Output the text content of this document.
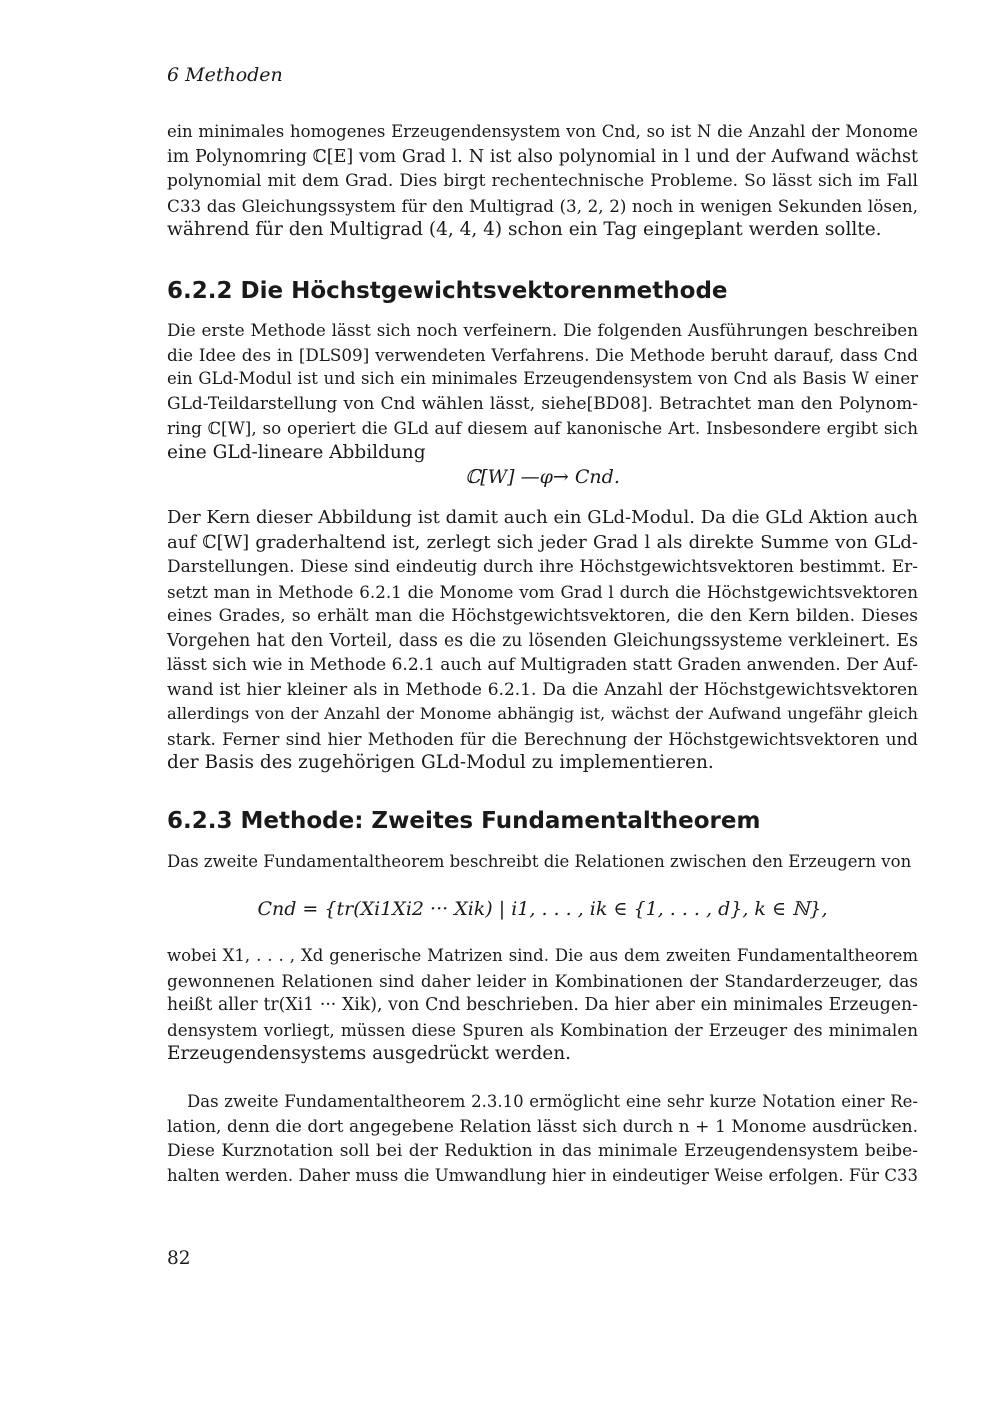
6 Methoden

ein minimales homogenes Erzeugendensystem von Cnd, so ist N die Anzahl der Monome
im Polynomring ℂ[E] vom Grad l. N ist also polynomial in l und der Aufwand wächst
polynomial mit dem Grad. Dies birgt rechentechnische Probleme. So lässt sich im Fall
C33 das Gleichungssystem für den Multigrad (3, 2, 2) noch in wenigen Sekunden lösen,
während für den Multigrad (4, 4, 4) schon ein Tag eingeplant werden sollte.

6.2.2 Die Höchstgewichtsvektorenmethode

Die erste Methode lässt sich noch verfeinern. Die folgenden Ausführungen beschreiben
die Idee des in [DLS09] verwendeten Verfahrens. Die Methode beruht darauf, dass Cnd
ein GLd-Modul ist und sich ein minimales Erzeugendensystem von Cnd als Basis W einer
GLd-Teildarstellung von Cnd wählen lässt, siehe[BD08]. Betrachtet man den Polynom-
ring ℂ[W], so operiert die GLd auf diesem auf kanonische Art. Insbesondere ergibt sich
eine GLd-lineare Abbildung

ℂ[W] —φ→ Cnd.

Der Kern dieser Abbildung ist damit auch ein GLd-Modul. Da die GLd Aktion auch
auf ℂ[W] graderhaltend ist, zerlegt sich jeder Grad l als direkte Summe von GLd-
Darstellungen. Diese sind eindeutig durch ihre Höchstgewichtsvektoren bestimmt. Er-
setzt man in Methode 6.2.1 die Monome vom Grad l durch die Höchstgewichtsvektoren
eines Grades, so erhält man die Höchstgewichtsvektoren, die den Kern bilden. Dieses
Vorgehen hat den Vorteil, dass es die zu lösenden Gleichungssysteme verkleinert. Es
lässt sich wie in Methode 6.2.1 auch auf Multigraden statt Graden anwenden. Der Auf-
wand ist hier kleiner als in Methode 6.2.1. Da die Anzahl der Höchstgewichtsvektoren
allerdings von der Anzahl der Monome abhängig ist, wächst der Aufwand ungefähr gleich
stark. Ferner sind hier Methoden für die Berechnung der Höchstgewichtsvektoren und
der Basis des zugehörigen GLd-Modul zu implementieren.

6.2.3 Methode: Zweites Fundamentaltheorem

Das zweite Fundamentaltheorem beschreibt die Relationen zwischen den Erzeugern von

Cnd = {tr(Xi1Xi2 ··· Xik) | i1, . . . , ik ∈ {1, . . . , d}, k ∈ ℕ},

wobei X1, . . . , Xd generische Matrizen sind. Die aus dem zweiten Fundamentaltheorem
gewonnenen Relationen sind daher leider in Kombinationen der Standarderzeuger, das
heißt aller tr(Xi1 ··· Xik), von Cnd beschrieben. Da hier aber ein minimales Erzeugen-
densystem vorliegt, müssen diese Spuren als Kombination der Erzeuger des minimalen
Erzeugendensystems ausgedrückt werden.

Das zweite Fundamentaltheorem 2.3.10 ermöglicht eine sehr kurze Notation einer Re-
lation, denn die dort angegebene Relation lässt sich durch n + 1 Monome ausdrücken.
Diese Kurznotation soll bei der Reduktion in das minimale Erzeugendensystem beibe-
halten werden. Daher muss die Umwandlung hier in eindeutiger Weise erfolgen. Für C33

82
